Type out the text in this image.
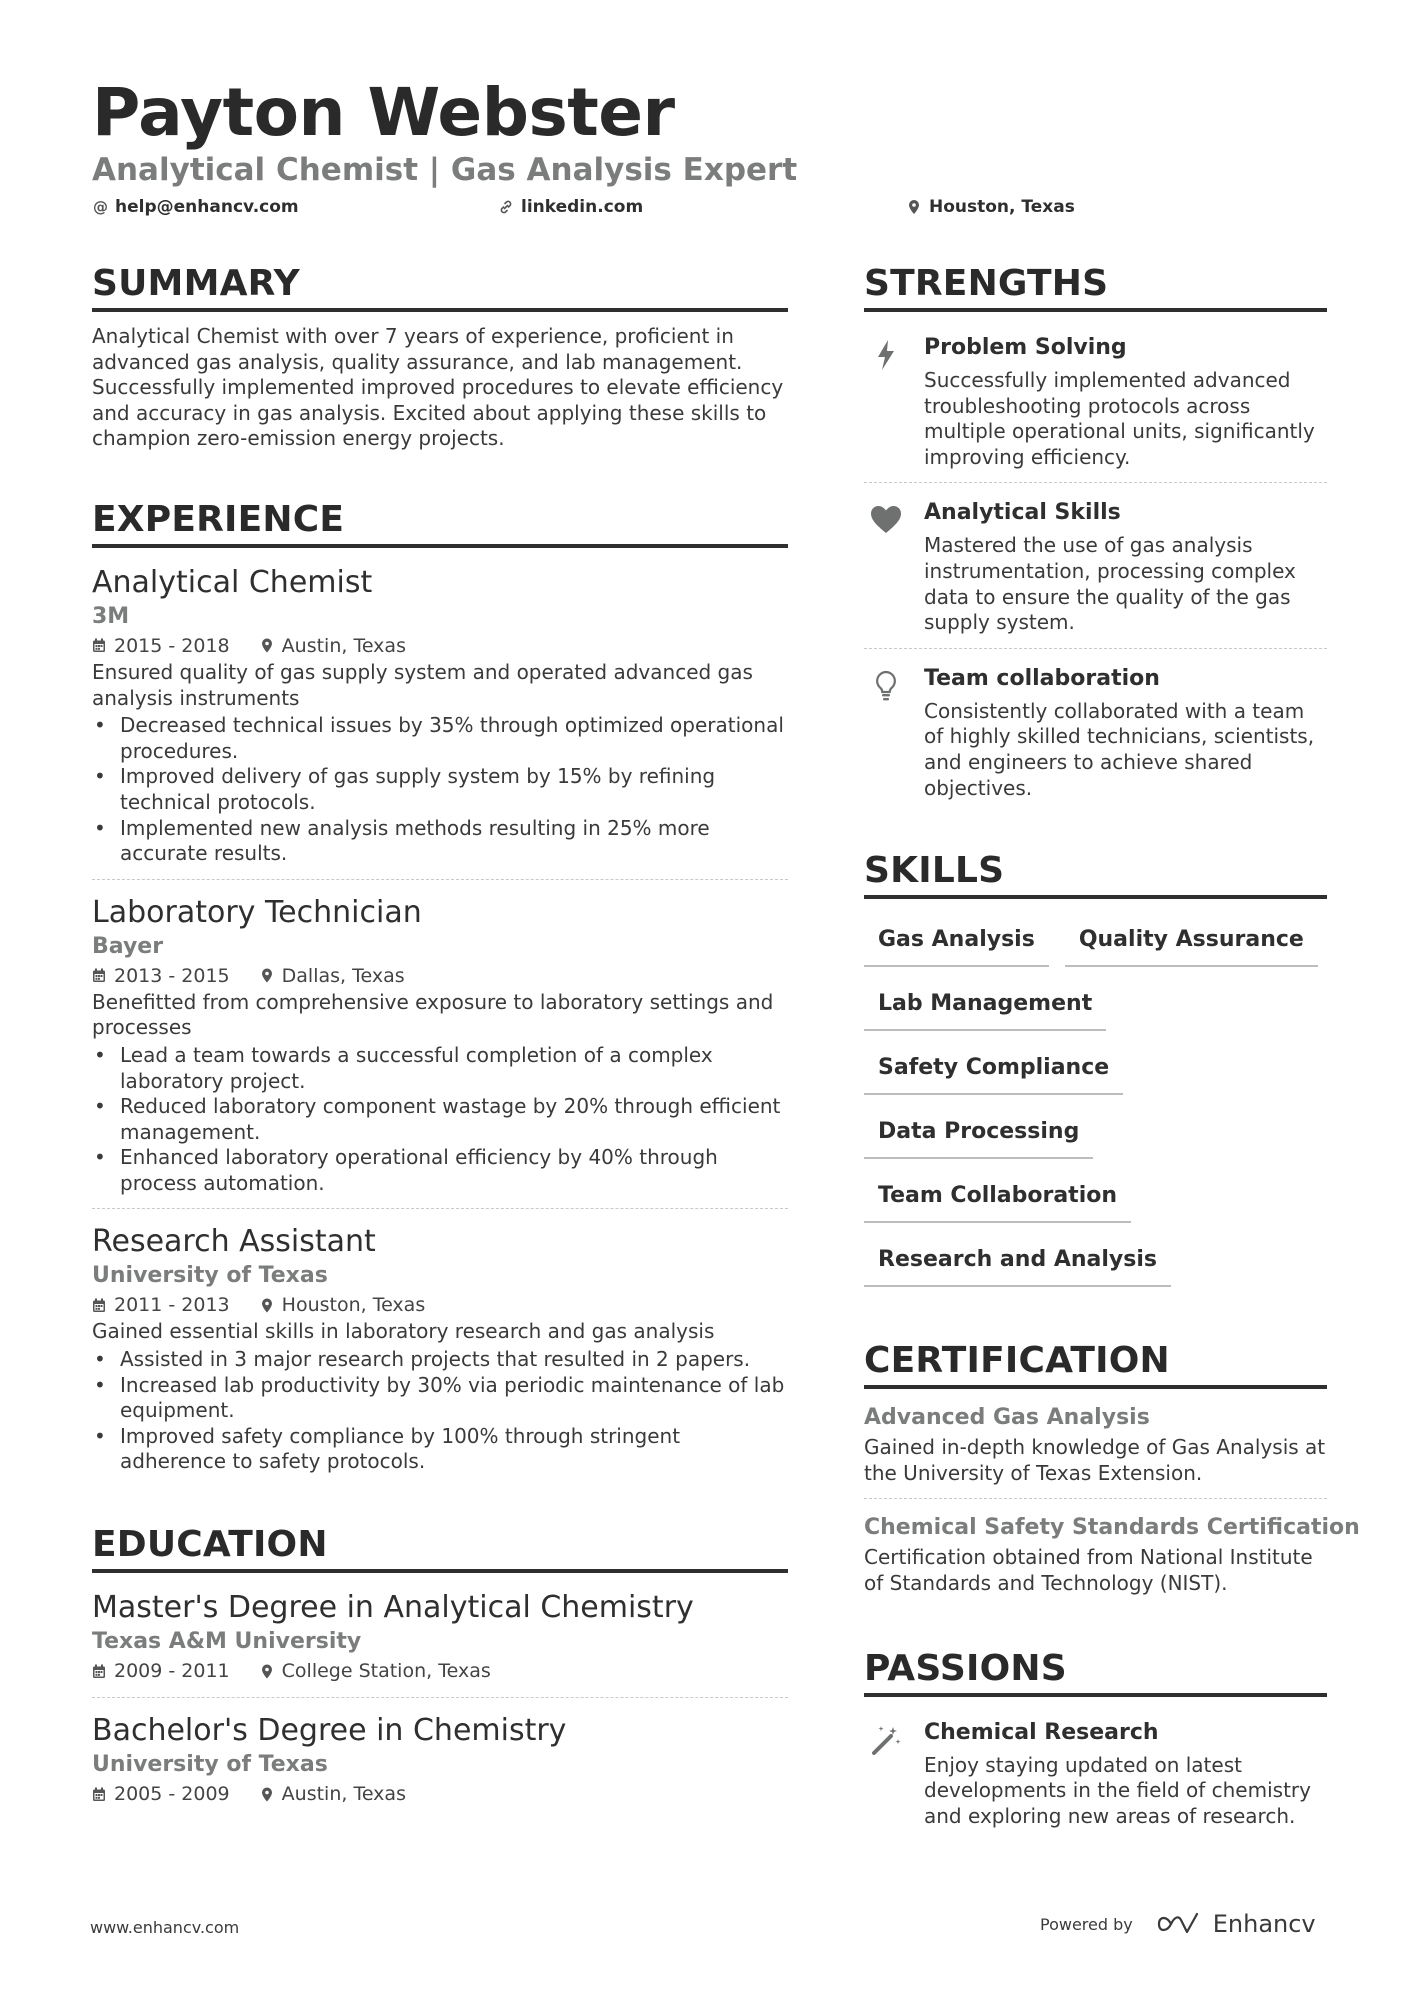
Payton Webster
Analytical Chemist | Gas Analysis Expert
@ help@enhancv.com	linkedin.com	Houston, Texas
SUMMARY
Analytical Chemist with over 7 years of experience, proficient in advanced gas analysis, quality assurance, and lab management. Successfully implemented improved procedures to elevate efficiency and accuracy in gas analysis. Excited about applying these skills to champion zero-emission energy projects.
EXPERIENCE
Analytical Chemist
3M
2015 - 2018	Austin, Texas
Ensured quality of gas supply system and operated advanced gas analysis instruments
• Decreased technical issues by 35% through optimized operational procedures.
• Improved delivery of gas supply system by 15% by refining technical protocols.
• Implemented new analysis methods resulting in 25% more accurate results.
Laboratory Technician
Bayer
2013 - 2015	Dallas, Texas
Benefitted from comprehensive exposure to laboratory settings and processes
• Lead a team towards a successful completion of a complex laboratory project.
• Reduced laboratory component wastage by 20% through efficient management.
• Enhanced laboratory operational efficiency by 40% through process automation.
Research Assistant
University of Texas
2011 - 2013	Houston, Texas
Gained essential skills in laboratory research and gas analysis
• Assisted in 3 major research projects that resulted in 2 papers.
• Increased lab productivity by 30% via periodic maintenance of lab equipment.
• Improved safety compliance by 100% through stringent adherence to safety protocols.
EDUCATION
Master's Degree in Analytical Chemistry
Texas A&M University
2009 - 2011	College Station, Texas
Bachelor's Degree in Chemistry
University of Texas
2005 - 2009	Austin, Texas
STRENGTHS
Problem Solving
Successfully implemented advanced troubleshooting protocols across multiple operational units, significantly improving efficiency.
Analytical Skills
Mastered the use of gas analysis instrumentation, processing complex data to ensure the quality of the gas supply system.
Team collaboration
Consistently collaborated with a team of highly skilled technicians, scientists, and engineers to achieve shared objectives.
SKILLS
Gas Analysis	Quality Assurance
Lab Management
Safety Compliance
Data Processing
Team Collaboration
Research and Analysis
CERTIFICATION
Advanced Gas Analysis
Gained in-depth knowledge of Gas Analysis at the University of Texas Extension.
Chemical Safety Standards Certification
Certification obtained from National Institute of Standards and Technology (NIST).
PASSIONS
Chemical Research
Enjoy staying updated on latest developments in the field of chemistry and exploring new areas of research.
www.enhancv.com	Powered by	Enhancv
